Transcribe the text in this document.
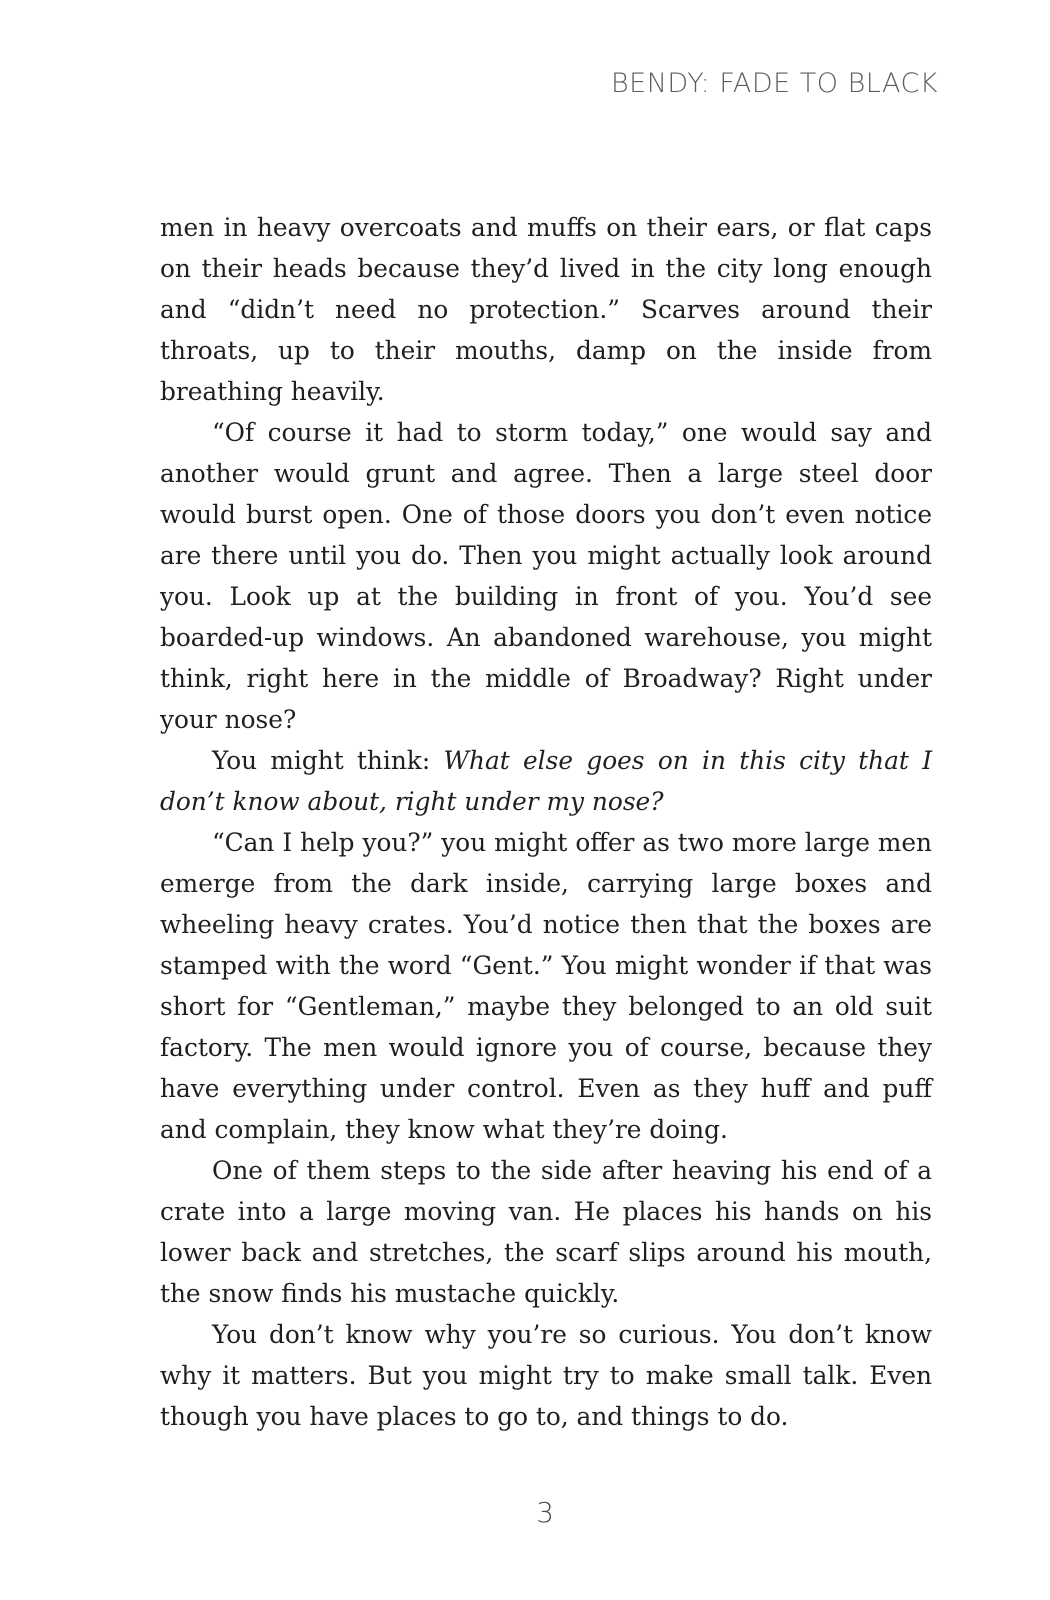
BENDY: FADE TO BLACK

men in heavy overcoats and muffs on their ears, or flat caps on their heads because they’d lived in the city long enough and “didn’t need no protection.” Scarves around their throats, up to their mouths, damp on the inside from breathing heavily.

“Of course it had to storm today,” one would say and another would grunt and agree. Then a large steel door would burst open. One of those doors you don’t even notice are there until you do. Then you might actually look around you. Look up at the building in front of you. You’d see boarded-up windows. An abandoned warehouse, you might think, right here in the middle of Broadway? Right under your nose?

You might think: What else goes on in this city that I don’t know about, right under my nose?

“Can I help you?” you might offer as two more large men emerge from the dark inside, carrying large boxes and wheeling heavy crates. You’d notice then that the boxes are stamped with the word “Gent.” You might wonder if that was short for “Gentleman,” maybe they belonged to an old suit factory. The men would ignore you of course, because they have everything under control. Even as they huff and puff and complain, they know what they’re doing.

One of them steps to the side after heaving his end of a crate into a large moving van. He places his hands on his lower back and stretches, the scarf slips around his mouth, the snow finds his mustache quickly.

You don’t know why you’re so curious. You don’t know why it matters. But you might try to make small talk. Even though you have places to go to, and things to do.

3
